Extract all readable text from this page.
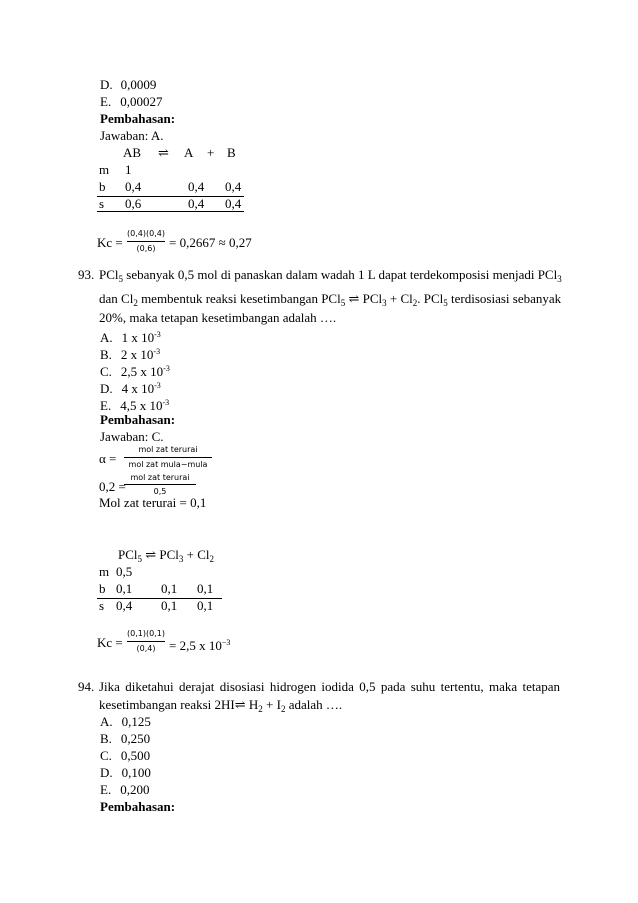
D. 0,0009
E. 0,00027
Pembahasan:
Jawaban: A.
AB ⇌ A + B
m 1
b 0,4	0,4 0,4
s 0,6	0,4 0,4
Kc =
(0,4)(0,4)
(0,6)	= 0,2667 ≈ 0,27
93. PCl$_5$ sebanyak 0,5 mol di panaskan dalam wadah 1 L dapat terdekomposisi menjadi PCl$_3$
dan $Cl_2$ membentuk reaksi kesetimbangan PCl$_5$ ⇌ $PCl_3 + Cl_2$. PCl$_5$ terdisosiasi sebanyak
20%, maka tetapan kesetimbangan adalah ….
A. 1 x $10^{-3}$
B. 2 x $10^{-3}$
C. 2,5 x $10^{-3}$
D. 4 x $10^{-3}$
E. 4,5 x $10^{-3}$
Pembahasan:
Jawaban: C.
α =
mol zat terurai
mol zat mula−mula
0,2 =
mol zat terurai
0,5
Mol zat terurai = 0,1
PCl$_5$ ⇌ $PCl_3 + Cl_2$
m 0,5
b 0,1 0,1 0,1
s 0,4 0,1 0,1
Kc =
(0,1)(0,1)
(0,4)	= 2,5 x $10^{-3}$
94. Jika diketahui derajat disosiasi hidrogen iodida 0,5 pada suhu tertentu, maka tetapan
kesetimbangan reaksi 2HI⇌ $H_2 + I_2$ adalah ….
A. 0,125
B. 0,250
C. 0,500
D. 0,100
E. 0,200
Pembahasan:
